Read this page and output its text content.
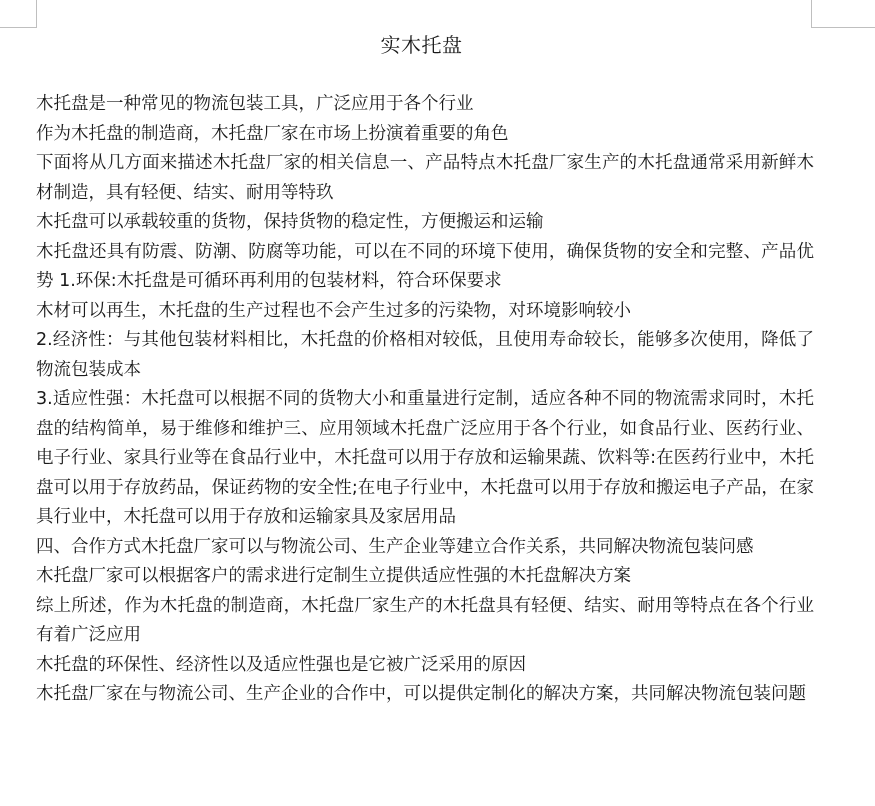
实木托盘

木托盘是一种常见的物流包装工具，广泛应用于各个行业

作为木托盘的制造商，木托盘厂家在市场上扮演着重要的角色

下面将从几方面来描述木托盘厂家的相关信息一、产品特点木托盘厂家生产的木托盘通常采用新鲜木材制造，具有轻便、结实、耐用等特玖

木托盘可以承载较重的货物，保持货物的稳定性，方便搬运和运输

木托盘还具有防震、防潮、防腐等功能，可以在不同的环境下使用，确保货物的安全和完整、产品优势 1.环保:木托盘是可循环再利用的包装材料，符合环保要求

木材可以再生，木托盘的生产过程也不会产生过多的污染物，对环境影响较小

2.经济性：与其他包装材料相比，木托盘的价格相对较低，且使用寿命较长，能够多次使用，降低了物流包装成本

3.适应性强：木托盘可以根据不同的货物大小和重量进行定制，适应各种不同的物流需求同时，木托盘的结构简单，易于维修和维护三、应用领域木托盘广泛应用于各个行业，如食品行业、医药行业、电子行业、家具行业等在食品行业中，木托盘可以用于存放和运输果蔬、饮料等:在医药行业中，木托盘可以用于存放药品，保证药物的安全性;在电子行业中，木托盘可以用于存放和搬运电子产品，在家具行业中，木托盘可以用于存放和运输家具及家居用品

四、合作方式木托盘厂家可以与物流公司、生产企业等建立合作关系，共同解决物流包装问感

木托盘厂家可以根据客户的需求进行定制生立提供适应性强的木托盘解决方案

综上所述，作为木托盘的制造商，木托盘厂家生产的木托盘具有轻便、结实、耐用等特点在各个行业有着广泛应用

木托盘的环保性、经济性以及适应性强也是它被广泛采用的原因

木托盘厂家在与物流公司、生产企业的合作中，可以提供定制化的解决方案，共同解决物流包装问题
